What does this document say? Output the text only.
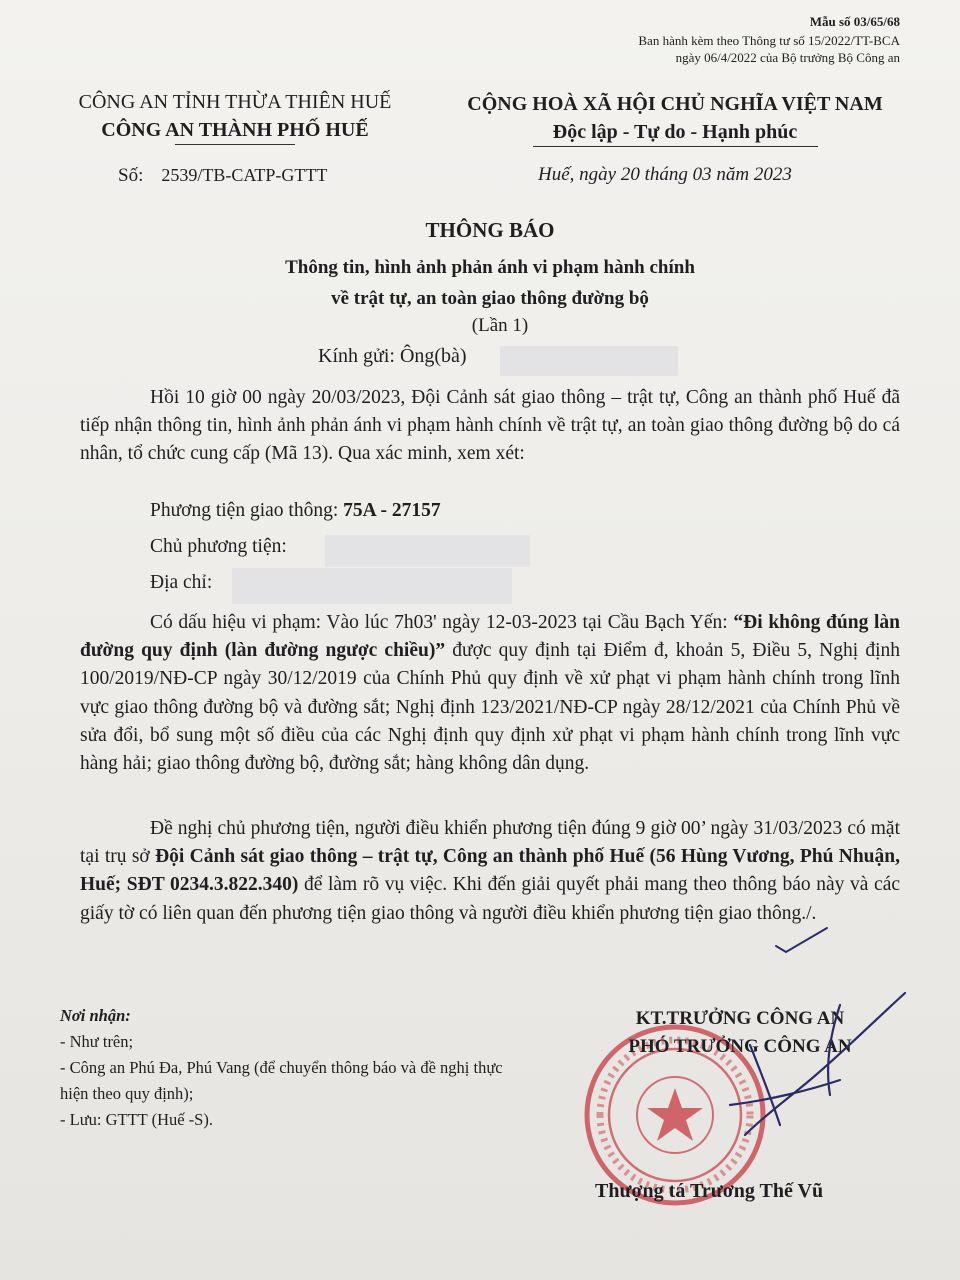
Mẫu số 03/65/68
Ban hành kèm theo Thông tư số 15/2022/TT-BCA
ngày 06/4/2022 của Bộ trưởng Bộ Công an
CÔNG AN TỈNH THỪA THIÊN HUẾ
CÔNG AN THÀNH PHỐ HUẾ
CỘNG HOÀ XÃ HỘI CHỦ NGHĨA VIỆT NAM
Độc lập - Tự do - Hạnh phúc
Số: 2539/TB-CATP-GTTT	Huế, ngày 20 tháng 03 năm 2023
THÔNG BÁO
Thông tin, hình ảnh phản ánh vi phạm hành chính
về trật tự, an toàn giao thông đường bộ
(Lần 1)
Kính gửi: Ông(bà)
Hồi 10 giờ 00 ngày 20/03/2023, Đội Cảnh sát giao thông – trật tự, Công an thành phố Huế đã tiếp nhận thông tin, hình ảnh phản ánh vi phạm hành chính về trật tự, an toàn giao thông đường bộ do cá nhân, tổ chức cung cấp (Mã 13). Qua xác minh, xem xét:
Phương tiện giao thông: 75A - 27157
Chủ phương tiện:
Địa chỉ:
Có dấu hiệu vi phạm: Vào lúc 7h03' ngày 12-03-2023 tại Cầu Bạch Yến: “Đi không đúng làn đường quy định (làn đường ngược chiều)” được quy định tại Điểm đ, khoản 5, Điều 5, Nghị định 100/2019/NĐ-CP ngày 30/12/2019 của Chính Phủ quy định về xử phạt vi phạm hành chính trong lĩnh vực giao thông đường bộ và đường sắt; Nghị định 123/2021/NĐ-CP ngày 28/12/2021 của Chính Phủ về sửa đổi, bổ sung một số điều của các Nghị định quy định xử phạt vi phạm hành chính trong lĩnh vực hàng hải; giao thông đường bộ, đường sắt; hàng không dân dụng.
Đề nghị chủ phương tiện, người điều khiển phương tiện đúng 9 giờ 00’ ngày 31/03/2023 có mặt tại trụ sở Đội Cảnh sát giao thông – trật tự, Công an thành phố Huế (56 Hùng Vương, Phú Nhuận, Huế; SĐT 0234.3.822.340) để làm rõ vụ việc. Khi đến giải quyết phải mang theo thông báo này và các giấy tờ có liên quan đến phương tiện giao thông và người điều khiển phương tiện giao thông./.
Nơi nhận:
- Như trên;
- Công an Phú Đa, Phú Vang (để chuyển thông báo và đề nghị thực hiện theo quy định);
- Lưu: GTTT (Huế -S).
KT.TRƯỞNG CÔNG AN
PHÓ TRƯỞNG CÔNG AN
Thượng tá Trương Thế Vũ
